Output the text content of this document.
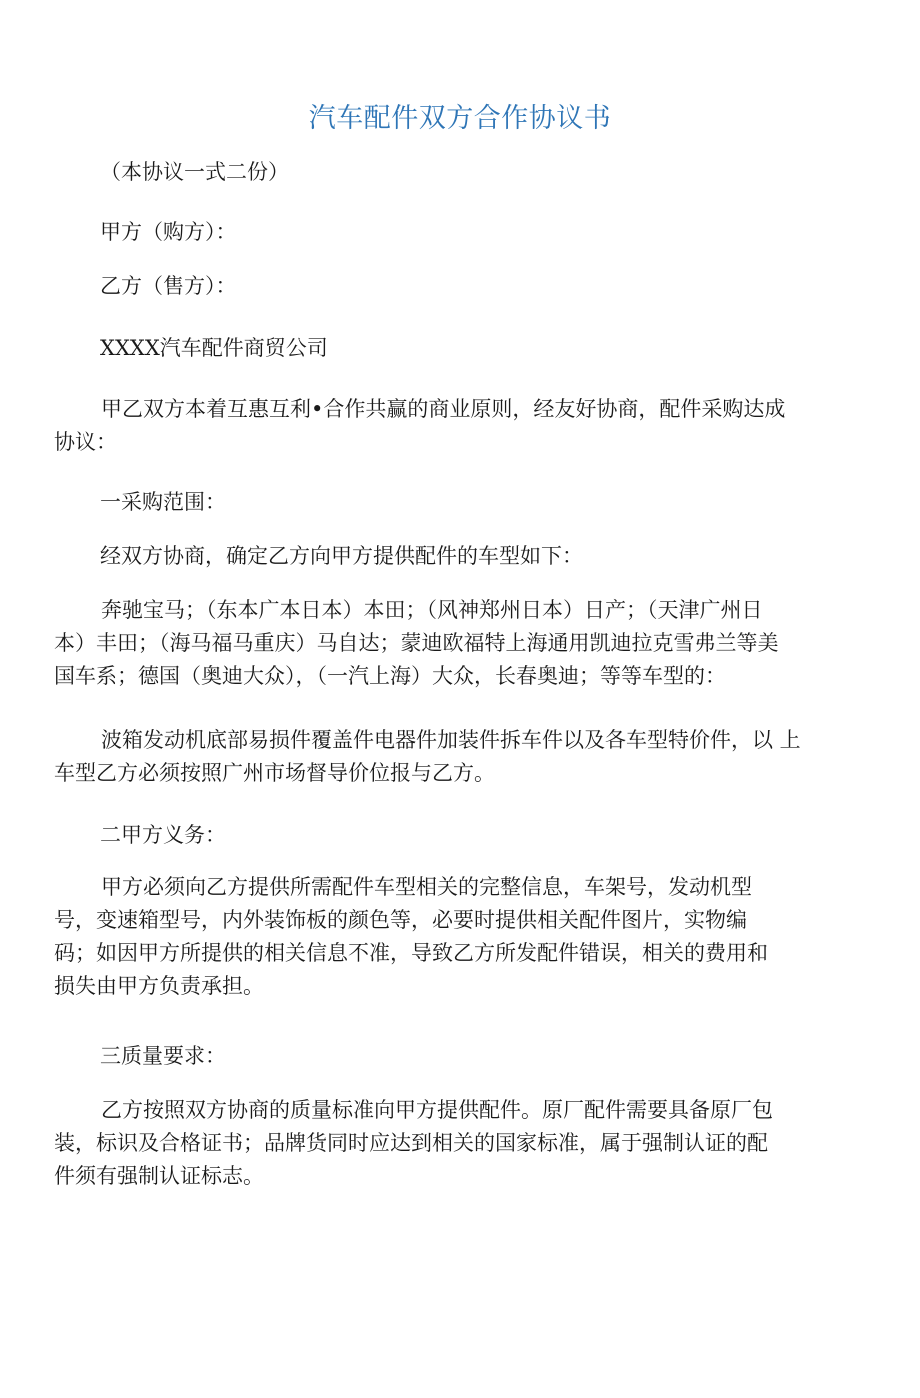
汽车配件双方合作协议书
（本协议一式二份）
甲方（购方）：
乙方（售方）：
XXXX汽车配件商贸公司
甲乙双方本着互惠互利•合作共赢的商业原则，经友好协商，配件采购达成
协议：
一采购范围：
经双方协商，确定乙方向甲方提供配件的车型如下：
奔驰宝马；（东本广本日本）本田；（风神郑州日本）日产；（天津广州日
本）丰田；（海马福马重庆）马自达；蒙迪欧福特上海通用凯迪拉克雪弗兰等美
国车系；德国（奥迪大众），（一汽上海）大众，长春奥迪；等等车型的：
波箱发动机底部易损件覆盖件电器件加装件拆车件以及各车型特价件，以 上
车型乙方必须按照广州市场督导价位报与乙方。
二甲方义务：
甲方必须向乙方提供所需配件车型相关的完整信息，车架号，发动机型
号，变速箱型号，内外装饰板的颜色等，必要时提供相关配件图片，实物编
码；如因甲方所提供的相关信息不准，导致乙方所发配件错误，相关的费用和
损失由甲方负责承担。
三质量要求：
乙方按照双方协商的质量标准向甲方提供配件。原厂配件需要具备原厂包
装，标识及合格证书；品牌货同时应达到相关的国家标准，属于强制认证的配
件须有强制认证标志。
